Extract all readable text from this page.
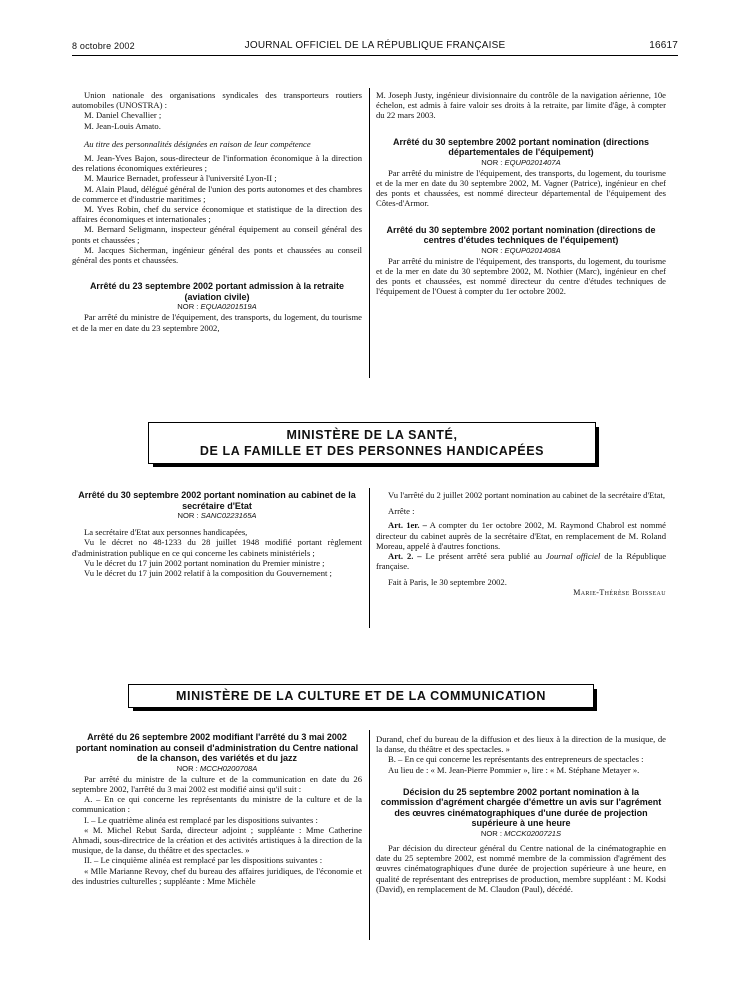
8 octobre 2002	JOURNAL OFFICIEL DE LA RÉPUBLIQUE FRANÇAISE	16617

Union nationale des organisations syndicales des transporteurs routiers automobiles (UNOSTRA) :

M. Daniel Chevallier ;

M. Jean-Louis Amato.

Au titre des personnalités désignées en raison de leur compétence

M. Jean-Yves Bajon, sous-directeur de l'information économique à la direction des relations économiques extérieures ;

M. Maurice Bernadet, professeur à l'université Lyon-II ;

M. Alain Plaud, délégué général de l'union des ports autonomes et des chambres de commerce et d'industrie maritimes ;

M. Yves Robin, chef du service économique et statistique de la direction des affaires économiques et internationales ;

M. Bernard Seligmann, inspecteur général équipement au conseil général des ponts et chaussées ;

M. Jacques Sicherman, ingénieur général des ponts et chaussées au conseil général des ponts et chaussées.

Arrêté du 23 septembre 2002 portant admission à la retraite (aviation civile)

NOR : EQUA0201519A

Par arrêté du ministre de l'équipement, des transports, du logement, du tourisme et de la mer en date du 23 septembre 2002,

M. Joseph Justy, ingénieur divisionnaire du contrôle de la navigation aérienne, 10e échelon, est admis à faire valoir ses droits à la retraite, par limite d'âge, à compter du 22 mars 2003.

Arrêté du 30 septembre 2002 portant nomination (directions départementales de l'équipement)

NOR : EQUP0201407A

Par arrêté du ministre de l'équipement, des transports, du logement, du tourisme et de la mer en date du 30 septembre 2002, M. Vagner (Patrice), ingénieur en chef des ponts et chaussées, est nommé directeur départemental de l'équipement des Côtes-d'Armor.

Arrêté du 30 septembre 2002 portant nomination (directions de centres d'études techniques de l'équipement)

NOR : EQUP0201408A

Par arrêté du ministre de l'équipement, des transports, du logement, du tourisme et de la mer en date du 30 septembre 2002, M. Nothier (Marc), ingénieur en chef des ponts et chaussées, est nommé directeur du centre d'études techniques de l'équipement de l'Ouest à compter du 1er octobre 2002.

MINISTÈRE DE LA SANTÉ,
DE LA FAMILLE ET DES PERSONNES HANDICAPÉES

Arrêté du 30 septembre 2002 portant nomination au cabinet de la secrétaire d'Etat

NOR : SANC0223165A

La secrétaire d'Etat aux personnes handicapées,

Vu le décret no 48-1233 du 28 juillet 1948 modifié portant règlement d'administration publique en ce qui concerne les cabinets ministériels ;

Vu le décret du 17 juin 2002 portant nomination du Premier ministre ;

Vu le décret du 17 juin 2002 relatif à la composition du Gouvernement ;

Vu l'arrêté du 2 juillet 2002 portant nomination au cabinet de la secrétaire d'Etat,

Arrête :

Art. 1er. – A compter du 1er octobre 2002, M. Raymond Chabrol est nommé directeur du cabinet auprès de la secrétaire d'Etat, en remplacement de M. Roland Moreau, appelé à d'autres fonctions.

Art. 2. – Le présent arrêté sera publié au Journal officiel de la République française.

Fait à Paris, le 30 septembre 2002.

Marie-Thérèse Boisseau

MINISTÈRE DE LA CULTURE ET DE LA COMMUNICATION

Arrêté du 26 septembre 2002 modifiant l'arrêté du 3 mai 2002 portant nomination au conseil d'administration du Centre national de la chanson, des variétés et du jazz

NOR : MCCH0200708A

Par arrêté du ministre de la culture et de la communication en date du 26 septembre 2002, l'arrêté du 3 mai 2002 est modifié ainsi qu'il suit :

A. – En ce qui concerne les représentants du ministre de la culture et de la communication :

I. – Le quatrième alinéa est remplacé par les dispositions suivantes :

« M. Michel Rebut Sarda, directeur adjoint ; suppléante : Mme Catherine Ahmadi, sous-directrice de la création et des activités artistiques à la direction de la musique, de la danse, du théâtre et des spectacles. »

II. – Le cinquième alinéa est remplacé par les dispositions suivantes :

« Mlle Marianne Revoy, chef du bureau des affaires juridiques, de l'économie et des industries culturelles ; suppléante : Mme Michèle

Durand, chef du bureau de la diffusion et des lieux à la direction de la musique, de la danse, du théâtre et des spectacles. »

B. – En ce qui concerne les représentants des entrepreneurs de spectacles :

Au lieu de : « M. Jean-Pierre Pommier », lire : « M. Stéphane Metayer ».

Décision du 25 septembre 2002 portant nomination à la commission d'agrément chargée d'émettre un avis sur l'agrément des œuvres cinématographiques d'une durée de projection supérieure à une heure

NOR : MCCK0200721S

Par décision du directeur général du Centre national de la cinématographie en date du 25 septembre 2002, est nommé membre de la commission d'agrément des œuvres cinématographiques d'une durée de projection supérieure à une heure, en qualité de représentant des entreprises de production, membre suppléant : M. Kodsi (David), en remplacement de M. Claudon (Paul), décédé.
